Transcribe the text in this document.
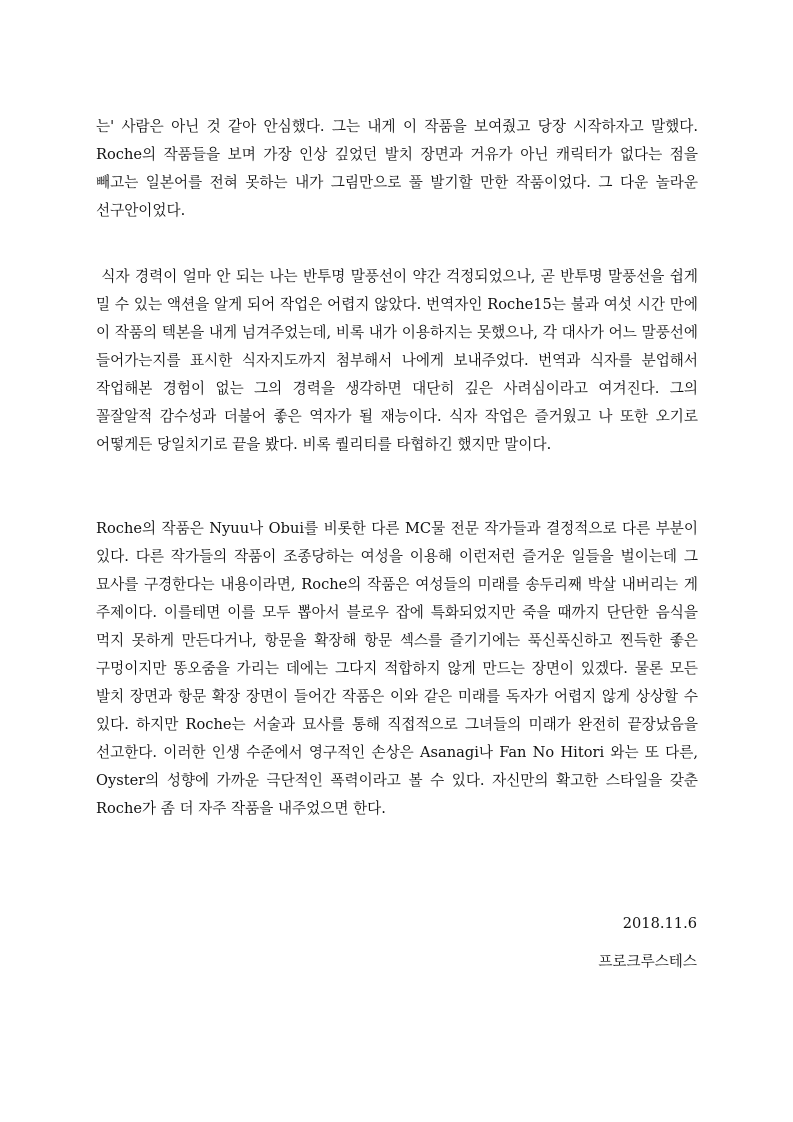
는' 사람은 아닌 것 같아 안심했다. 그는 내게 이 작품을 보여줬고 당장 시작하자고 말했다. Roche의 작품들을 보며 가장 인상 깊었던 발치 장면과 거유가 아닌 캐릭터가 없다는 점을 빼고는 일본어를 전혀 못하는 내가 그림만으로 풀 발기할 만한 작품이었다. 그 다운 놀라운 선구안이었다.

식자 경력이 얼마 안 되는 나는 반투명 말풍선이 약간 걱정되었으나, 곧 반투명 말풍선을 쉽게 밀 수 있는 액션을 알게 되어 작업은 어렵지 않았다. 번역자인 Roche15는 불과 여섯 시간 만에 이 작품의 텍본을 내게 넘겨주었는데, 비록 내가 이용하지는 못했으나, 각 대사가 어느 말풍선에 들어가는지를 표시한 식자지도까지 첨부해서 나에게 보내주었다. 번역과 식자를 분업해서 작업해본 경험이 없는 그의 경력을 생각하면 대단히 깊은 사려심이라고 여겨진다. 그의 꼴잘알적 감수성과 더불어 좋은 역자가 될 재능이다. 식자 작업은 즐거웠고 나 또한 오기로 어떻게든 당일치기로 끝을 봤다. 비록 퀄리티를 타협하긴 했지만 말이다.

Roche의 작품은 Nyuu나 Obui를 비롯한 다른 MC물 전문 작가들과 결정적으로 다른 부분이 있다. 다른 작가들의 작품이 조종당하는 여성을 이용해 이런저런 즐거운 일들을 벌이는데 그 묘사를 구경한다는 내용이라면, Roche의 작품은 여성들의 미래를 송두리째 박살 내버리는 게 주제이다. 이를테면 이를 모두 뽑아서 블로우 잡에 특화되었지만 죽을 때까지 단단한 음식을 먹지 못하게 만든다거나, 항문을 확장해 항문 섹스를 즐기기에는 푹신푹신하고 찐득한 좋은 구멍이지만 똥오줌을 가리는 데에는 그다지 적합하지 않게 만드는 장면이 있겠다. 물론 모든 발치 장면과 항문 확장 장면이 들어간 작품은 이와 같은 미래를 독자가 어렵지 않게 상상할 수 있다. 하지만 Roche는 서술과 묘사를 통해 직접적으로 그녀들의 미래가 완전히 끝장났음을 선고한다. 이러한 인생 수준에서 영구적인 손상은 Asanagi나 Fan No Hitori 와는 또 다른, Oyster의 성향에 가까운 극단적인 폭력이라고 볼 수 있다. 자신만의 확고한 스타일을 갖춘 Roche가 좀 더 자주 작품을 내주었으면 한다.

2018.11.6
프로크루스테스
